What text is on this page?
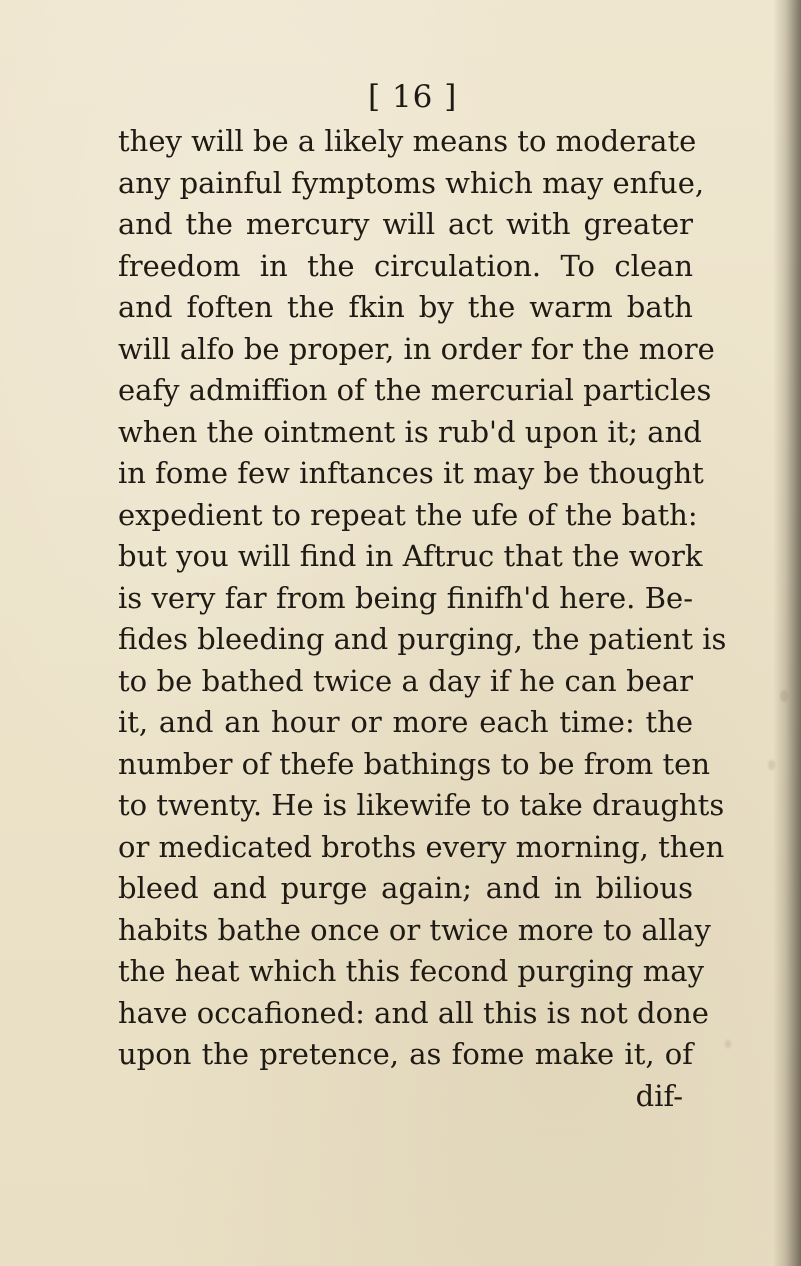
[ 16 ]
they will be a likely means to moderate
any painful fymptoms which may enfue,
and the mercury will act with greater
freedom in the circulation. To clean
and foften the fkin by the warm bath
will alfo be proper, in order for the more
eafy admiffion of the mercurial particles
when the ointment is rub'd upon it; and
in fome few inftances it may be thought
expedient to repeat the ufe of the bath:
but you will find in Aftruc that the work
is very far from being finifh'd here. Be-
fides bleeding and purging, the patient is
to be bathed twice a day if he can bear
it, and an hour or more each time: the
number of thefe bathings to be from ten
to twenty. He is likewife to take draughts
or medicated broths every morning, then
bleed and purge again; and in bilious
habits bathe once or twice more to allay
the heat which this fecond purging may
have occafioned: and all this is not done
upon the pretence, as fome make it, of
dif-
